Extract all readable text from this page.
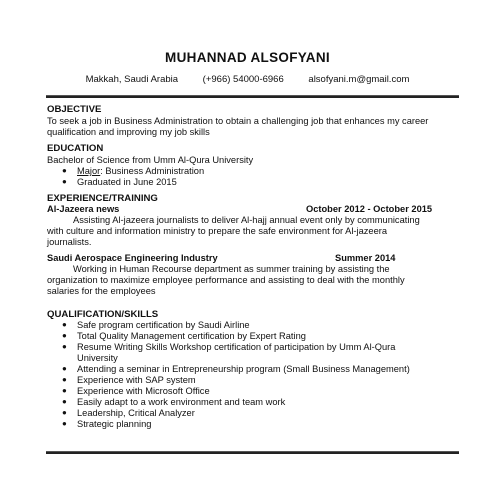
MUHANNAD ALSOFYANI
Makkah, Saudi Arabia	(+966) 54000-6966	alsofyani.m@gmail.com
OBJECTIVE
To seek a job in Business Administration to obtain a challenging job that enhances my career
qualification and improving my job skills
EDUCATION
Bachelor of Science from Umm Al-Qura University
● Major: Business Administration
● Graduated in June 2015
EXPERIENCE/TRAINING
Al-Jazeera news	October 2012 - October 2015
Assisting Al-jazeera journalists to deliver Al-hajj annual event only by communicating
with culture and information ministry to prepare the safe environment for Al-jazeera
journalists.
Saudi Aerospace Engineering Industry	Summer 2014
Working in Human Recourse department as summer training by assisting the
organization to maximize employee performance and assisting to deal with the monthly
salaries for the employees
QUALIFICATION/SKILLS
● Safe program certification by Saudi Airline
● Total Quality Management certification by Expert Rating
● Resume Writing Skills Workshop certification of participation by Umm Al-Qura
University
● Attending a seminar in Entrepreneurship program (Small Business Management)
● Experience with SAP system
● Experience with Microsoft Office
● Easily adapt to a work environment and team work
● Leadership, Critical Analyzer
● Strategic planning
